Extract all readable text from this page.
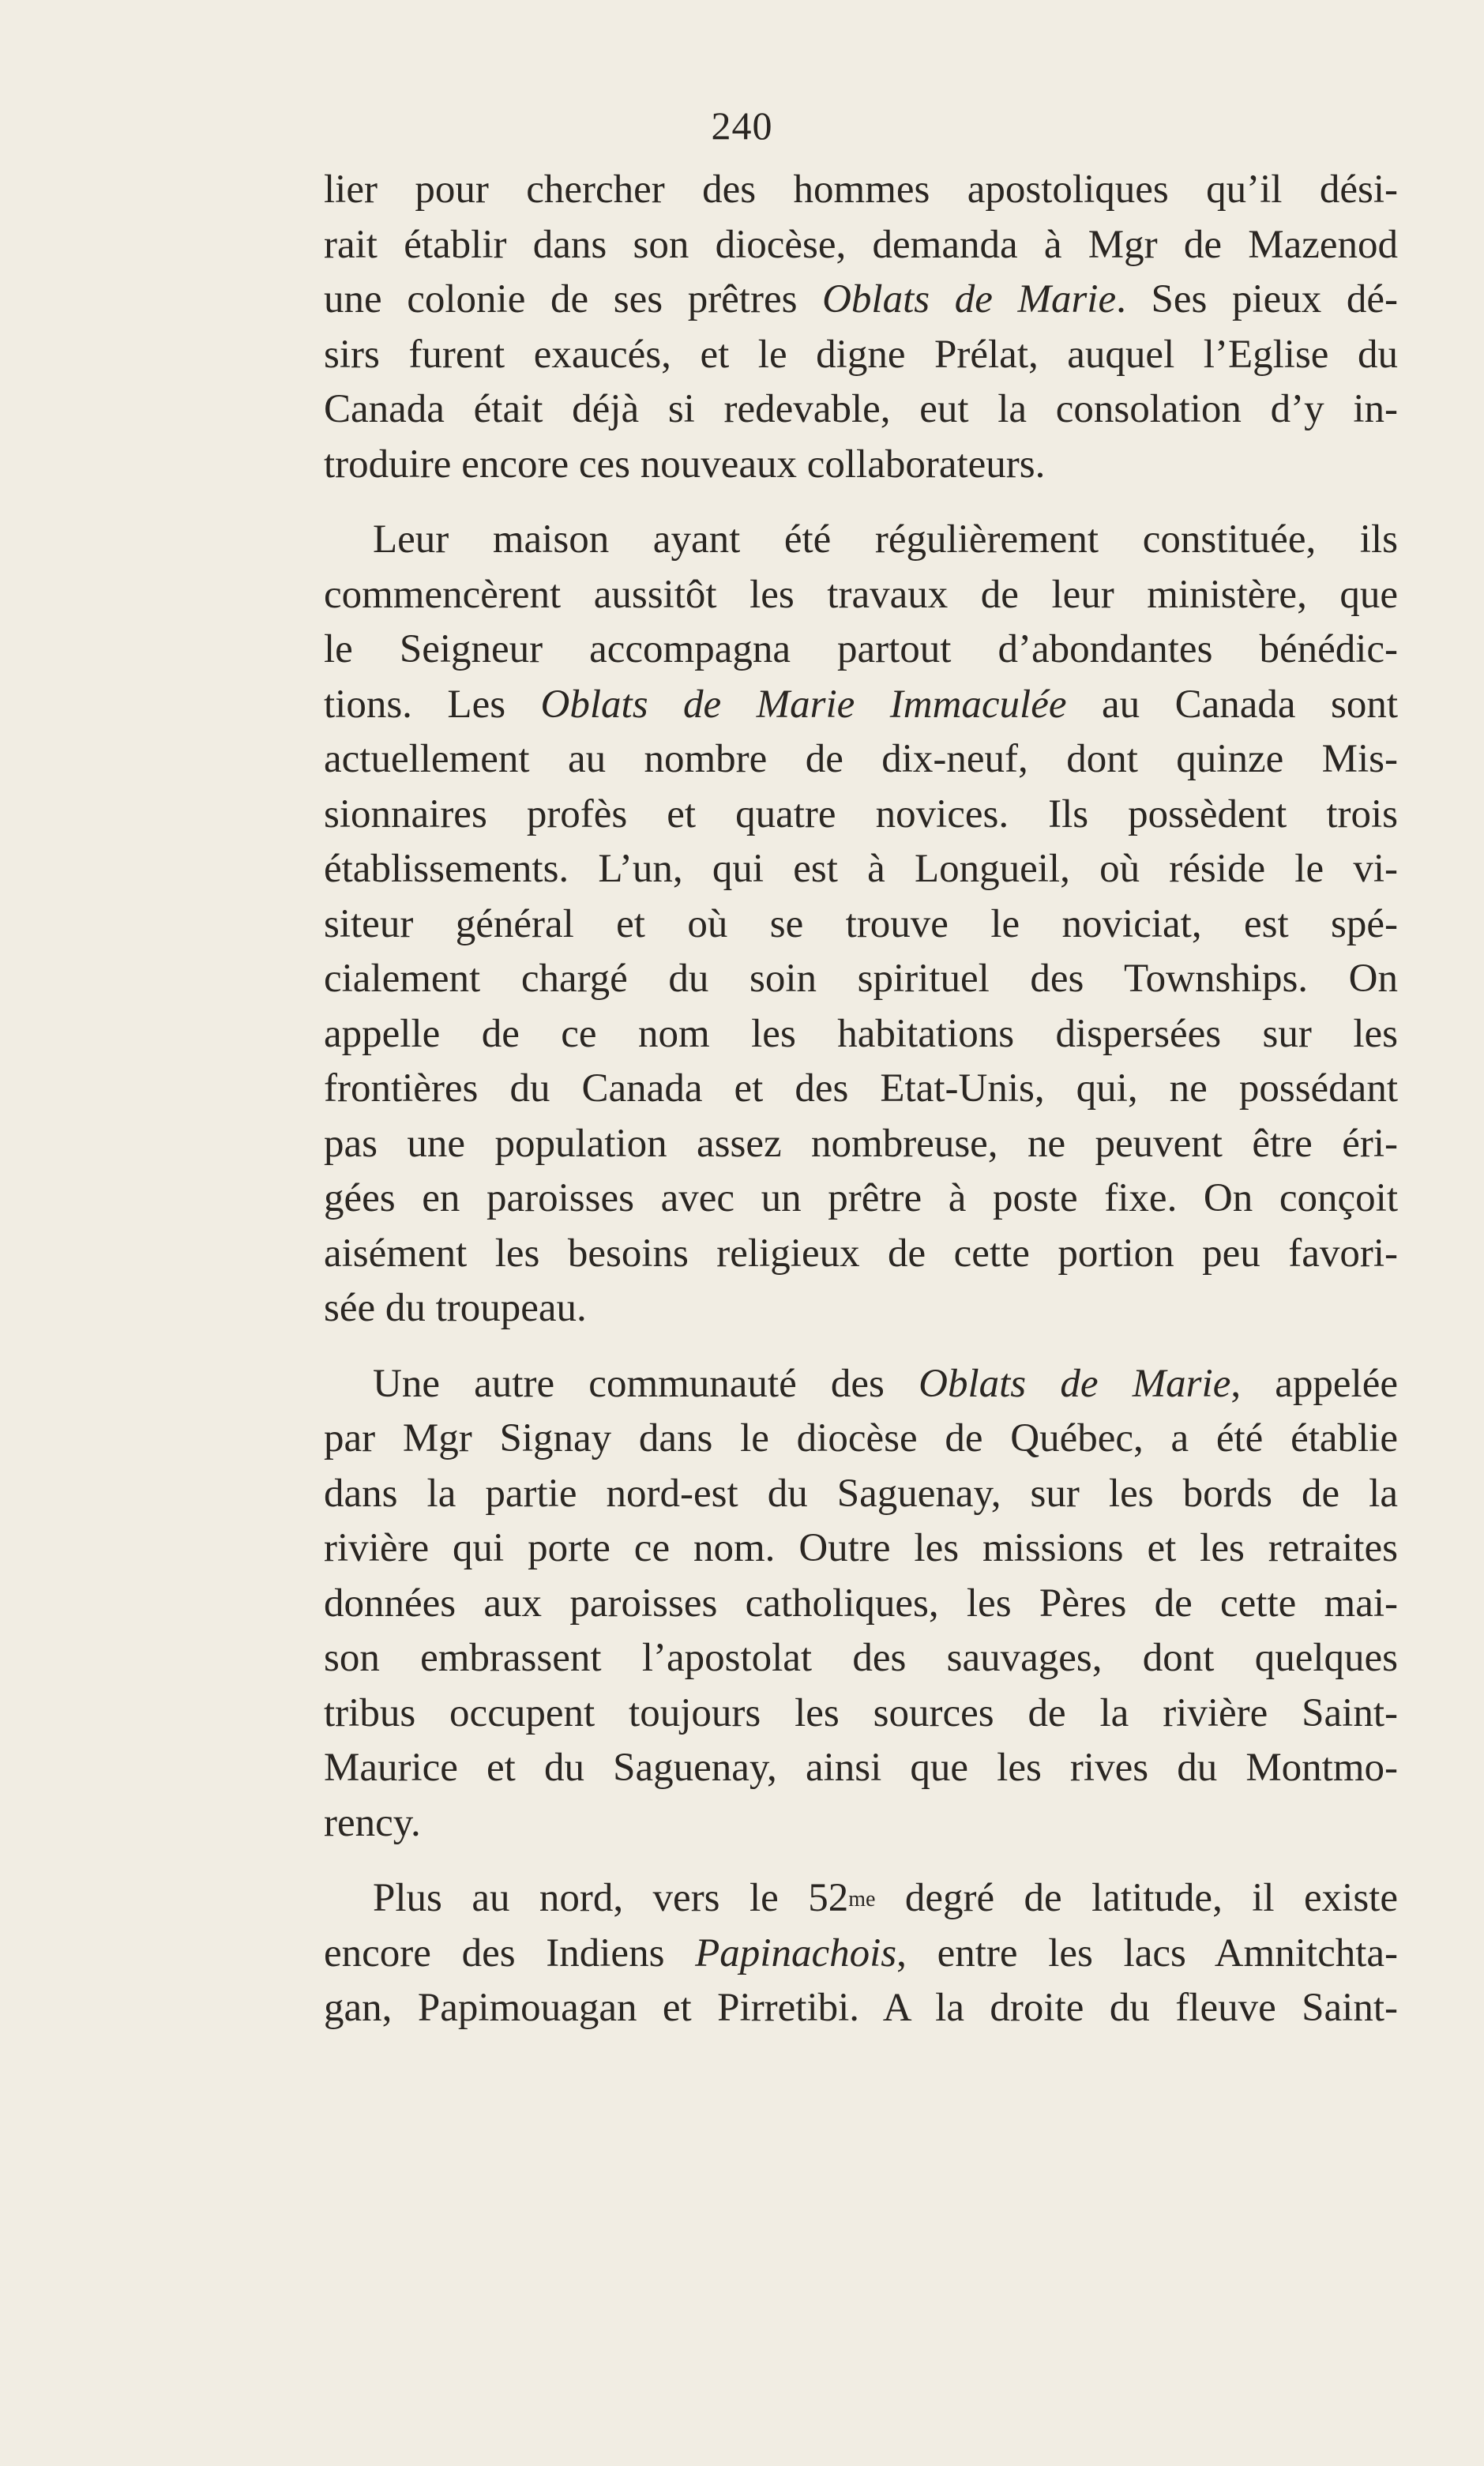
240
lier pour chercher des hommes apostoliques qu’il dési-
rait établir dans son diocèse, demanda à Mgr de Mazenod
une colonie de ses prêtres Oblats de Marie. Ses pieux dé-
sirs furent exaucés, et le digne Prélat, auquel l’Eglise du
Canada était déjà si redevable, eut la consolation d’y in-
troduire encore ces nouveaux collaborateurs.
Leur maison ayant été régulièrement constituée, ils
commencèrent aussitôt les travaux de leur ministère, que
le Seigneur accompagna partout d’abondantes bénédic-
tions. Les Oblats de Marie Immaculée au Canada sont
actuellement au nombre de dix-neuf, dont quinze Mis-
sionnaires profès et quatre novices. Ils possèdent trois
établissements. L’un, qui est à Longueil, où réside le vi-
siteur général et où se trouve le noviciat, est spé-
cialement chargé du soin spirituel des Townships. On
appelle de ce nom les habitations dispersées sur les
frontières du Canada et des Etat-Unis, qui, ne possédant
pas une population assez nombreuse, ne peuvent être éri-
gées en paroisses avec un prêtre à poste fixe. On conçoit
aisément les besoins religieux de cette portion peu favori-
sée du troupeau.
Une autre communauté des Oblats de Marie, appelée
par Mgr Signay dans le diocèse de Québec, a été établie
dans la partie nord-est du Saguenay, sur les bords de la
rivière qui porte ce nom. Outre les missions et les retraites
données aux paroisses catholiques, les Pères de cette mai-
son embrassent l’apostolat des sauvages, dont quelques
tribus occupent toujours les sources de la rivière Saint-
Maurice et du Saguenay, ainsi que les rives du Montmo-
rency.
Plus au nord, vers le $52^{me}$ degré de latitude, il existe
encore des Indiens Papinachois, entre les lacs Amnitchta-
gan, Papimouagan et Pirretibi. A la droite du fleuve Saint-
